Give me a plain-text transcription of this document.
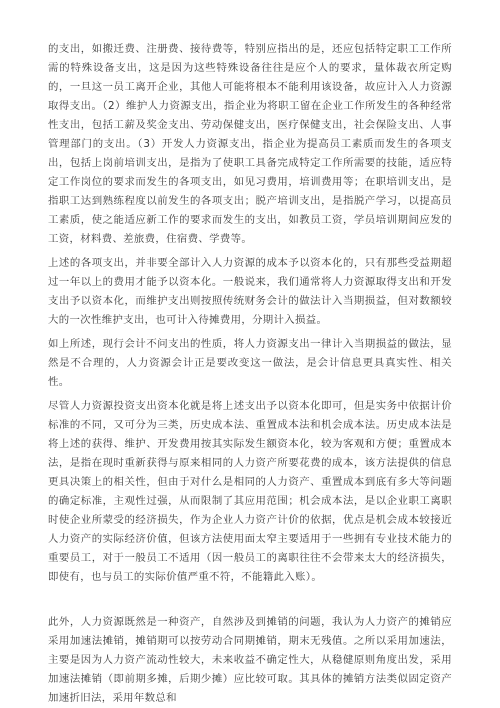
的支出，如搬迁费、注册费、接待费等，特别应指出的是，还应包括特定职工工作所需的特殊设备支出，这是因为这些特殊设备往往是应个人的要求，量体裁衣所定购的，一旦这一员工离开企业，其他人可能将根本不能利用该设备，故应计入人力资源取得支出。（2）维护人力资源支出，指企业为将职工留在企业工作所发生的各种经常性支出，包括工薪及奖金支出、劳动保健支出，医疗保健支出，社会保险支出、人事管理部门的支出。（3）开发人力资源支出，指企业为提高员工素质而发生的各项支出，包括上岗前培训支出，是指为了使职工具备完成特定工作所需要的技能，适应特定工作岗位的要求而发生的各项支出，如见习费用，培训费用等；在职培训支出，是指职工达到熟练程度以前发生的各项支出；脱产培训支出，是指脱产学习，以提高员工素质，使之能适应新工作的要求而发生的支出，如教员工资，学员培训期间应发的工资，材料费、差旅费，住宿费、学费等。

上述的各项支出，并非要全部计入人力资源的成本予以资本化的，只有那些受益期超过一年以上的费用才能予以资本化。一般说来，我们通常将人力资源取得支出和开发支出予以资本化，而维护支出则按照传统财务会计的做法计入当期损益，但对数额较大的一次性维护支出，也可计入待摊费用，分期计入损益。

如上所述，现行会计不问支出的性质，将人力资源支出一律计入当期损益的做法，显然是不合理的，人力资源会计正是要改变这一做法，是会计信息更具真实性、相关性。

尽管人力资源投资支出资本化就是将上述支出予以资本化即可，但是实务中依据计价标准的不同，又可分为三类，历史成本法、重置成本法和机会成本法。历史成本法是将上述的获得、维护、开发费用按其实际发生额资本化，较为客观和方便；重置成本法，是指在现时重新获得与原来相同的人力资产所要花费的成本，该方法提供的信息更具决策上的相关性，但由于对什么是相同的人力资产、重置成本到底有多大等问题的确定标准，主观性过强，从而限制了其应用范围；机会成本法，是以企业职工离职时使企业所蒙受的经济损失，作为企业人力资产计价的依据，优点是机会成本较接近人力资产的实际经济价值，但该方法使用面太窄主要适用于一些拥有专业技术能力的重要员工，对于一般员工不适用（因一般员工的离职往往不会带来太大的经济损失，即使有，也与员工的实际价值严重不符，不能籍此入账）。

此外，人力资源既然是一种资产，自然涉及到摊销的问题，我认为人力资产的摊销应采用加速法摊销，摊销期可以按劳动合同期摊销，期末无残值。之所以采用加速法，主要是因为人力资产流动性较大，未来收益不确定性大，从稳健原则角度出发，采用加速法摊销（即前期多摊，后期少摊）应比较可取。其具体的摊销方法类似固定资产加速折旧法，采用年数总和
